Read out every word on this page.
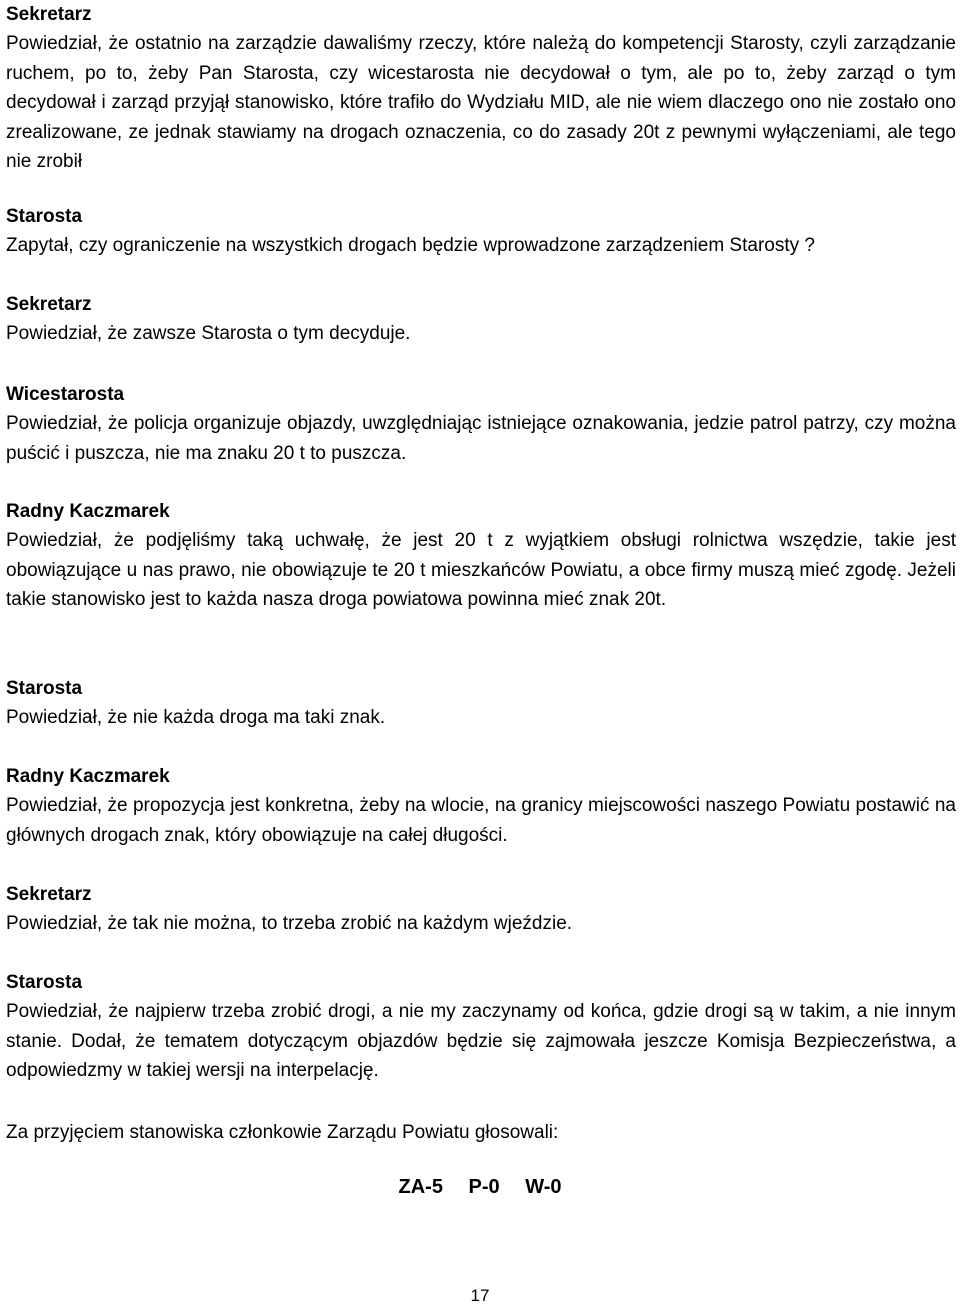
Sekretarz

Powiedział, że ostatnio na zarządzie dawaliśmy rzeczy, które należą do kompetencji Starosty, czyli zarządzanie ruchem, po to, żeby Pan Starosta, czy wicestarosta nie decydował o tym, ale po to, żeby zarząd o tym decydował i zarząd przyjął stanowisko, które trafiło do Wydziału MID, ale nie wiem dlaczego ono nie zostało ono zrealizowane, ze jednak stawiamy na drogach oznaczenia, co do zasady 20t z pewnymi wyłączeniami, ale tego nie zrobił

Starosta

Zapytał, czy ograniczenie na wszystkich drogach będzie wprowadzone zarządzeniem Starosty ?

Sekretarz

Powiedział, że zawsze Starosta o tym decyduje.

Wicestarosta

Powiedział, że policja organizuje objazdy, uwzględniając istniejące oznakowania, jedzie patrol patrzy, czy można puścić i puszcza, nie ma znaku 20 t to puszcza.

Radny Kaczmarek

Powiedział, że podjęliśmy taką uchwałę, że jest 20 t z wyjątkiem obsługi rolnictwa wszędzie, takie jest obowiązujące u nas prawo, nie obowiązuje te 20 t mieszkańców Powiatu, a obce firmy muszą mieć zgodę. Jeżeli takie stanowisko jest to każda nasza droga powiatowa powinna mieć znak 20t.

Starosta

Powiedział, że nie każda droga ma taki znak.

Radny Kaczmarek

Powiedział, że propozycja jest konkretna, żeby na wlocie, na granicy miejscowości naszego Powiatu postawić na głównych drogach znak, który obowiązuje na całej długości.

Sekretarz

Powiedział, że tak nie można, to trzeba zrobić na każdym wjeździe.

Starosta

Powiedział, że najpierw trzeba zrobić drogi, a nie my zaczynamy od końca, gdzie drogi są w takim, a nie innym stanie. Dodał, że tematem dotyczącym objazdów będzie się zajmowała jeszcze Komisja Bezpieczeństwa, a odpowiedzmy w takiej wersji na interpelację.

Za przyjęciem stanowiska członkowie Zarządu Powiatu głosowali:

ZA-5 P-0 W-0
17
